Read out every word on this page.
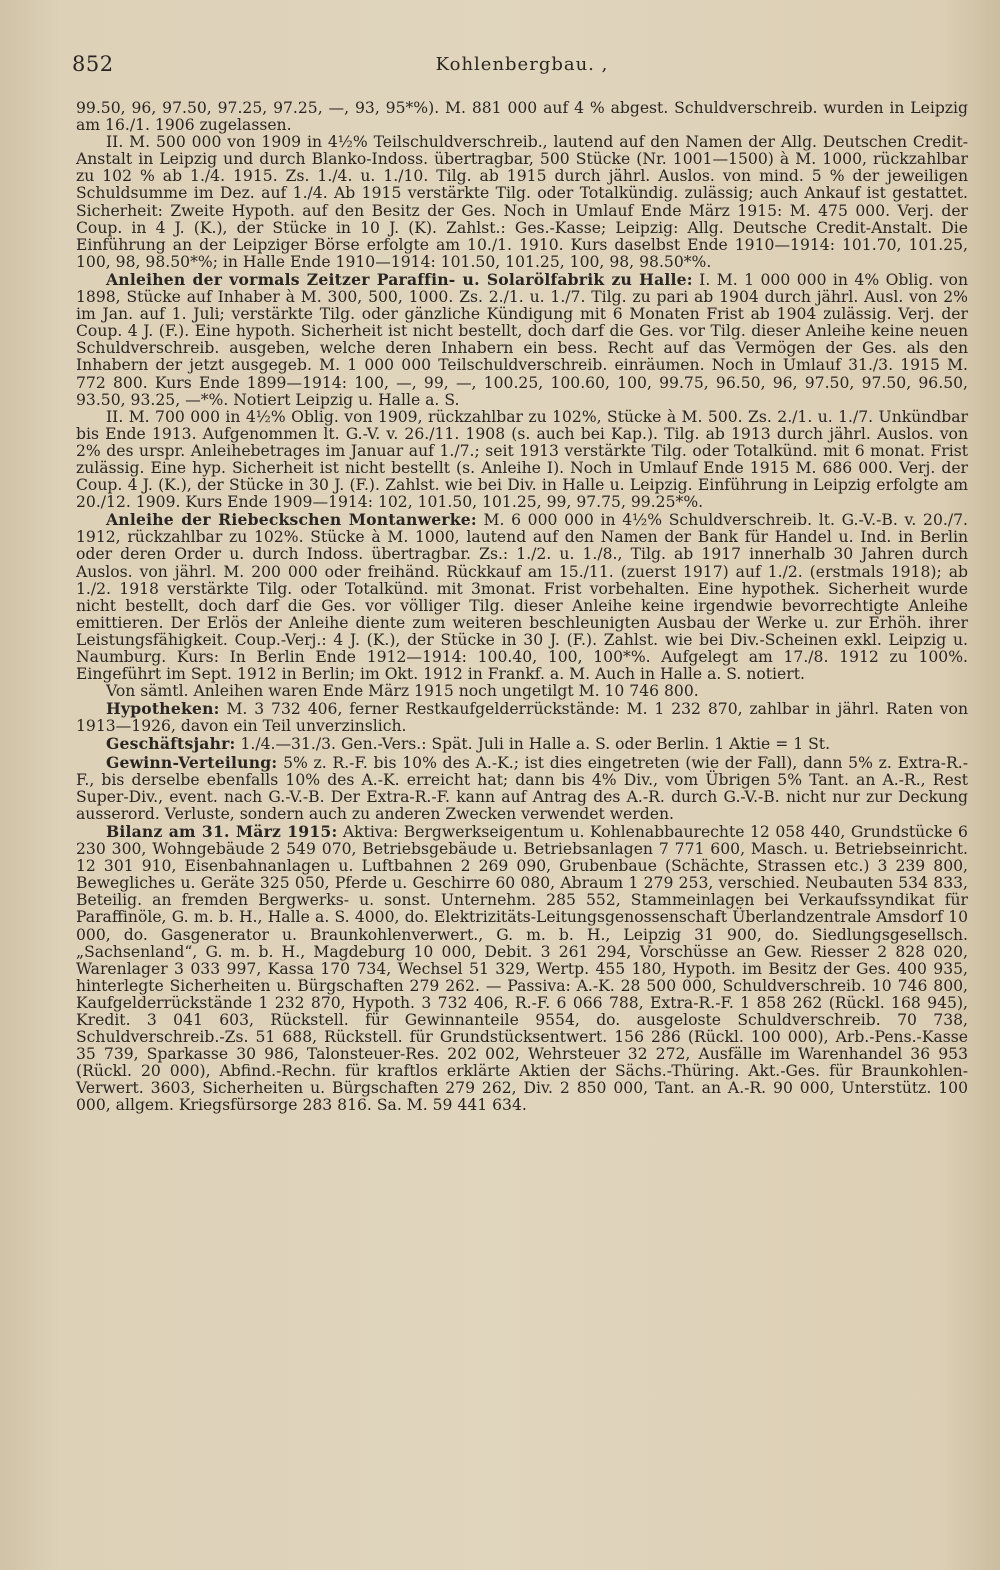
852	Kohlenbergbau. ,

99.50, 96, 97.50, 97.25, 97.25, —, 93, 95*%). M. 881 000 auf 4 % abgest. Schuldverschreib. wurden in Leipzig am 16./1. 1906 zugelassen.

II. M. 500 000 von 1909 in 4½% Teilschuldverschreib., lautend auf den Namen der Allg. Deutschen Credit-Anstalt in Leipzig und durch Blanko-Indoss. übertragbar, 500 Stücke (Nr. 1001—1500) à M. 1000, rückzahlbar zu 102 % ab 1./4. 1915. Zs. 1./4. u. 1./10. Tilg. ab 1915 durch jährl. Auslos. von mind. 5 % der jeweiligen Schuldsumme im Dez. auf 1./4. Ab 1915 verstärkte Tilg. oder Totalkündig. zulässig; auch Ankauf ist gestattet. Sicherheit: Zweite Hypoth. auf den Besitz der Ges. Noch in Umlauf Ende März 1915: M. 475 000. Verj. der Coup. in 4 J. (K.), der Stücke in 10 J. (K). Zahlst.: Ges.-Kasse; Leipzig: Allg. Deutsche Credit-Anstalt. Die Einführung an der Leipziger Börse erfolgte am 10./1. 1910. Kurs daselbst Ende 1910—1914: 101.70, 101.25, 100, 98, 98.50*%; in Halle Ende 1910—1914: 101.50, 101.25, 100, 98, 98.50*%.

Anleihen der vormals Zeitzer Paraffin- u. Solarölfabrik zu Halle: I. M. 1 000 000 in 4% Oblig. von 1898, Stücke auf Inhaber à M. 300, 500, 1000. Zs. 2./1. u. 1./7. Tilg. zu pari ab 1904 durch jährl. Ausl. von 2% im Jan. auf 1. Juli; verstärkte Tilg. oder gänzliche Kündigung mit 6 Monaten Frist ab 1904 zulässig. Verj. der Coup. 4 J. (F.). Eine hypoth. Sicherheit ist nicht bestellt, doch darf die Ges. vor Tilg. dieser Anleihe keine neuen Schuldverschreib. ausgeben, welche deren Inhabern ein bess. Recht auf das Vermögen der Ges. als den Inhabern der jetzt ausgegeb. M. 1 000 000 Teilschuldverschreib. einräumen. Noch in Umlauf 31./3. 1915 M. 772 800. Kurs Ende 1899—1914: 100, —, 99, —, 100.25, 100.60, 100, 99.75, 96.50, 96, 97.50, 97.50, 96.50, 93.50, 93.25, —*%. Notiert Leipzig u. Halle a. S.

II. M. 700 000 in 4½% Oblig. von 1909, rückzahlbar zu 102%, Stücke à M. 500. Zs. 2./1. u. 1./7. Unkündbar bis Ende 1913. Aufgenommen lt. G.-V. v. 26./11. 1908 (s. auch bei Kap.). Tilg. ab 1913 durch jährl. Auslos. von 2% des urspr. Anleihebetrages im Januar auf 1./7.; seit 1913 verstärkte Tilg. oder Totalkünd. mit 6 monat. Frist zulässig. Eine hyp. Sicherheit ist nicht bestellt (s. Anleihe I). Noch in Umlauf Ende 1915 M. 686 000. Verj. der Coup. 4 J. (K.), der Stücke in 30 J. (F.). Zahlst. wie bei Div. in Halle u. Leipzig. Einführung in Leipzig erfolgte am 20./12. 1909. Kurs Ende 1909—1914: 102, 101.50, 101.25, 99, 97.75, 99.25*%.

Anleihe der Riebeckschen Montanwerke: M. 6 000 000 in 4½% Schuldverschreib. lt. G.-V.-B. v. 20./7. 1912, rückzahlbar zu 102%. Stücke à M. 1000, lautend auf den Namen der Bank für Handel u. Ind. in Berlin oder deren Order u. durch Indoss. übertragbar. Zs.: 1./2. u. 1./8., Tilg. ab 1917 innerhalb 30 Jahren durch Auslos. von jährl. M. 200 000 oder freihänd. Rückkauf am 15./11. (zuerst 1917) auf 1./2. (erstmals 1918); ab 1./2. 1918 verstärkte Tilg. oder Totalkünd. mit 3monat. Frist vorbehalten. Eine hypothek. Sicherheit wurde nicht bestellt, doch darf die Ges. vor völliger Tilg. dieser Anleihe keine irgendwie bevorrechtigte Anleihe emittieren. Der Erlös der Anleihe diente zum weiteren beschleunigten Ausbau der Werke u. zur Erhöh. ihrer Leistungsfähigkeit. Coup.-Verj.: 4 J. (K.), der Stücke in 30 J. (F.). Zahlst. wie bei Div.-Scheinen exkl. Leipzig u. Naumburg. Kurs: In Berlin Ende 1912—1914: 100.40, 100, 100*%. Aufgelegt am 17./8. 1912 zu 100%. Eingeführt im Sept. 1912 in Berlin; im Okt. 1912 in Frankf. a. M. Auch in Halle a. S. notiert.

Von sämtl. Anleihen waren Ende März 1915 noch ungetilgt M. 10 746 800.

Hypotheken: M. 3 732 406, ferner Restkaufgelderrückstände: M. 1 232 870, zahlbar in jährl. Raten von 1913—1926, davon ein Teil unverzinslich.

Geschäftsjahr: 1./4.—31./3. Gen.-Vers.: Spät. Juli in Halle a. S. oder Berlin. 1 Aktie = 1 St.

Gewinn-Verteilung: 5% z. R.-F. bis 10% des A.-K.; ist dies eingetreten (wie der Fall), dann 5% z. Extra-R.-F., bis derselbe ebenfalls 10% des A.-K. erreicht hat; dann bis 4% Div., vom Übrigen 5% Tant. an A.-R., Rest Super-Div., event. nach G.-V.-B. Der Extra-R.-F. kann auf Antrag des A.-R. durch G.-V.-B. nicht nur zur Deckung ausserord. Verluste, sondern auch zu anderen Zwecken verwendet werden.

Bilanz am 31. März 1915: Aktiva: Bergwerkseigentum u. Kohlenabbaurechte 12 058 440, Grundstücke 6 230 300, Wohngebäude 2 549 070, Betriebsgebäude u. Betriebsanlagen 7 771 600, Masch. u. Betriebseinricht. 12 301 910, Eisenbahnanlagen u. Luftbahnen 2 269 090, Grubenbaue (Schächte, Strassen etc.) 3 239 800, Bewegliches u. Geräte 325 050, Pferde u. Geschirre 60 080, Abraum 1 279 253, verschied. Neubauten 534 833, Beteilig. an fremden Bergwerks- u. sonst. Unternehm. 285 552, Stammeinlagen bei Verkaufssyndikat für Paraffinöle, G. m. b. H., Halle a. S. 4000, do. Elektrizitäts-Leitungsgenossenschaft Überlandzentrale Amsdorf 10 000, do. Gasgenerator u. Braunkohlenverwert., G. m. b. H., Leipzig 31 900, do. Siedlungsgesellsch. „Sachsenland“, G. m. b. H., Magdeburg 10 000, Debit. 3 261 294, Vorschüsse an Gew. Riesser 2 828 020, Warenlager 3 033 997, Kassa 170 734, Wechsel 51 329, Wertp. 455 180, Hypoth. im Besitz der Ges. 400 935, hinterlegte Sicherheiten u. Bürgschaften 279 262. — Passiva: A.-K. 28 500 000, Schuldverschreib. 10 746 800, Kaufgelderrückstände 1 232 870, Hypoth. 3 732 406, R.-F. 6 066 788, Extra-R.-F. 1 858 262 (Rückl. 168 945), Kredit. 3 041 603, Rückstell. für Gewinnanteile 9554, do. ausgeloste Schuldverschreib. 70 738, Schuldverschreib.-Zs. 51 688, Rückstell. für Grundstücksentwert. 156 286 (Rückl. 100 000), Arb.-Pens.-Kasse 35 739, Sparkasse 30 986, Talonsteuer-Res. 202 002, Wehrsteuer 32 272, Ausfälle im Warenhandel 36 953 (Rückl. 20 000), Abfind.-Rechn. für kraftlos erklärte Aktien der Sächs.-Thüring. Akt.-Ges. für Braunkohlen-Verwert. 3603, Sicherheiten u. Bürgschaften 279 262, Div. 2 850 000, Tant. an A.-R. 90 000, Unterstütz. 100 000, allgem. Kriegsfürsorge 283 816. Sa. M. 59 441 634.
